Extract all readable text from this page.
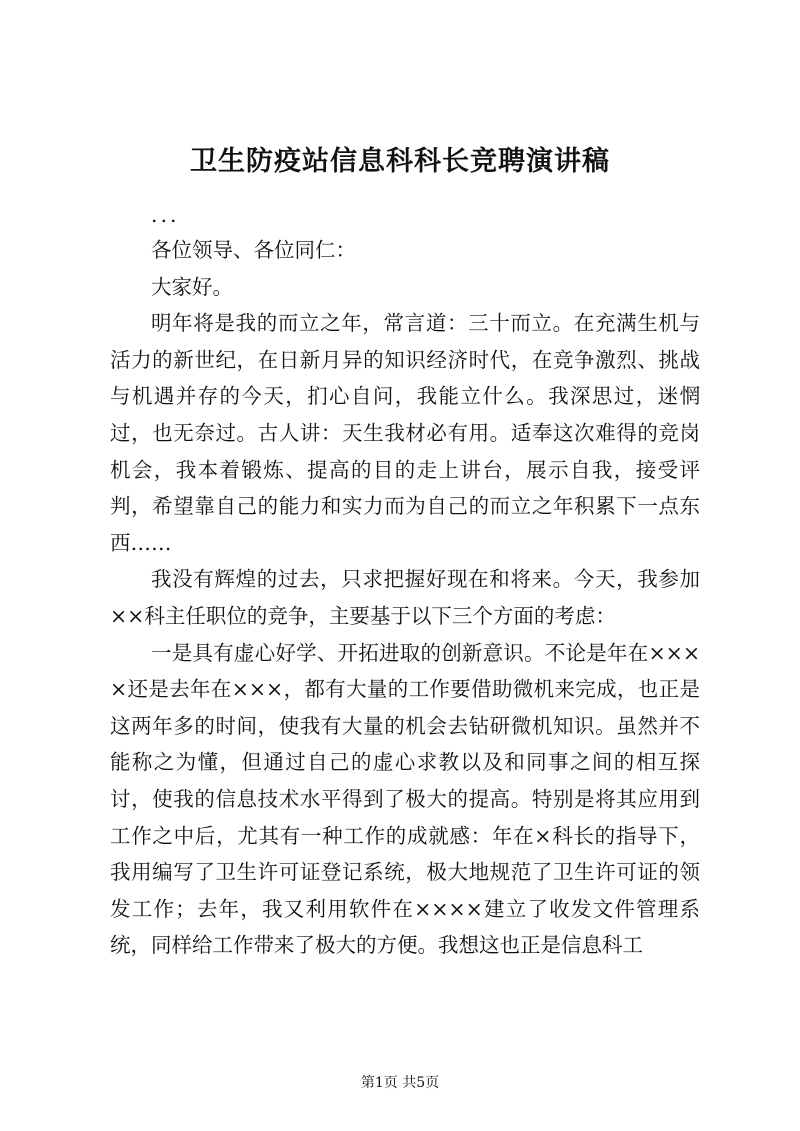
卫生防疫站信息科科长竞聘演讲稿

...

各位领导、各位同仁：

大家好。

明年将是我的而立之年，常言道：三十而立。在充满生机与活力的新世纪，在日新月异的知识经济时代，在竞争激烈、挑战与机遇并存的今天，扪心自问，我能立什么。我深思过，迷惘过，也无奈过。古人讲：天生我材必有用。适奉这次难得的竞岗机会，我本着锻炼、提高的目的走上讲台，展示自我，接受评判，希望靠自己的能力和实力而为自己的而立之年积累下一点东西……

我没有辉煌的过去，只求把握好现在和将来。今天，我参加××科主任职位的竞争，主要基于以下三个方面的考虑：

一是具有虚心好学、开拓进取的创新意识。不论是年在××××还是去年在×××，都有大量的工作要借助微机来完成，也正是这两年多的时间，使我有大量的机会去钻研微机知识。虽然并不能称之为懂，但通过自己的虚心求教以及和同事之间的相互探讨，使我的信息技术水平得到了极大的提高。特别是将其应用到工作之中后，尤其有一种工作的成就感：年在×科长的指导下，我用编写了卫生许可证登记系统，极大地规范了卫生许可证的领发工作；去年，我又利用软件在××××建立了收发文件管理系统，同样给工作带来了极大的方便。我想这也正是信息科工

第1页 共5页
